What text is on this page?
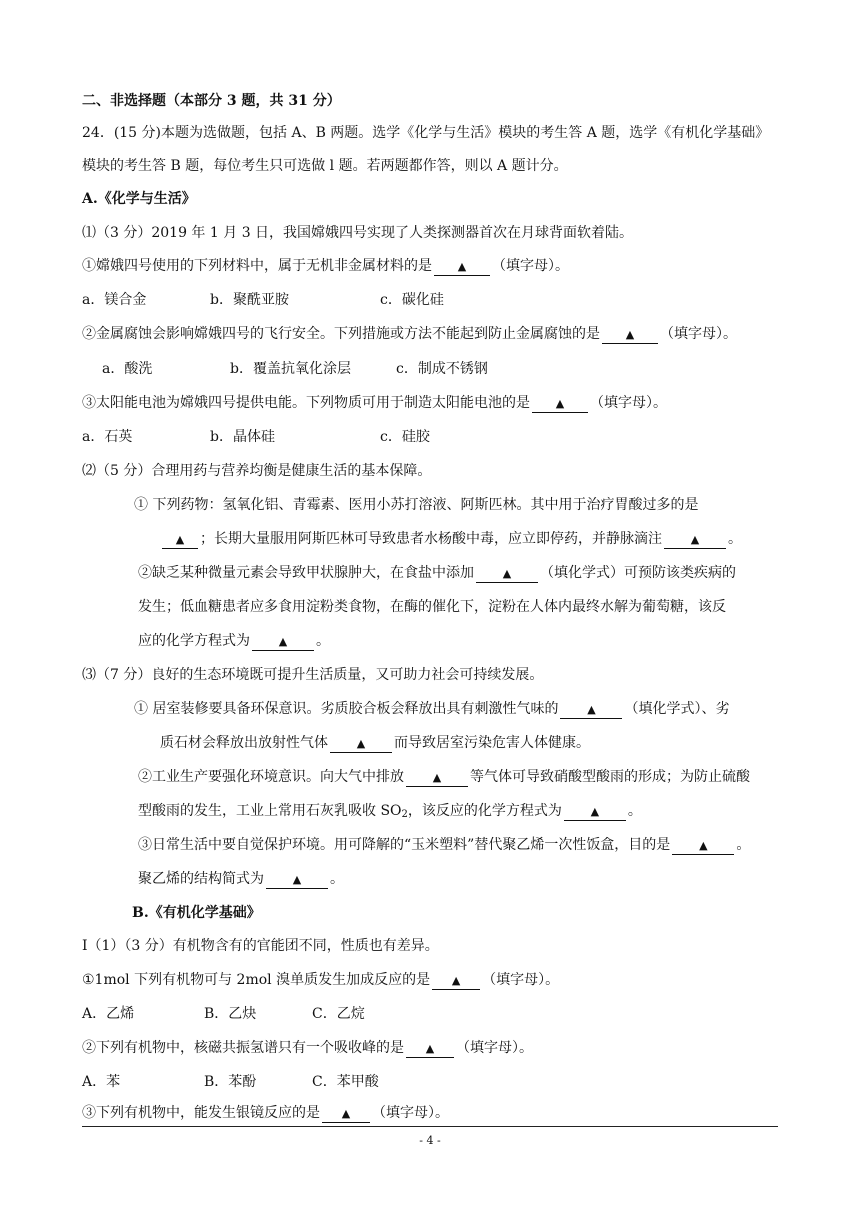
二、非选择题（本部分 3 题，共 31 分）
24．(15 分)本题为选做题，包括 A、B 两题。选学《化学与生活》模块的考生答 A 题，选学《有机化学基础》
模块的考生答 B 题，每位考生只可选做 l 题。若两题都作答，则以 A 题计分。
A.《化学与生活》
⑴（3 分）2019 年 1 月 3 日，我国嫦娥四号实现了人类探测器首次在月球背面软着陆。
①嫦娥四号使用的下列材料中，属于无机非金属材料的是 ▲ （填字母）。
a．镁合金	b．聚酰亚胺	c．碳化硅
②金属腐蚀会影响嫦娥四号的飞行安全。下列措施或方法不能起到防止金属腐蚀的是 ▲ （填字母）。
a．酸洗	b．覆盖抗氧化涂层	c．制成不锈钢
③太阳能电池为嫦娥四号提供电能。下列物质可用于制造太阳能电池的是 ▲ （填字母）。
a．石英	b．晶体硅	c．硅胶
⑵（5 分）合理用药与营养均衡是健康生活的基本保障。
① 下列药物：氢氧化铝、青霉素、医用小苏打溶液、阿斯匹林。其中用于治疗胃酸过多的是
▲ ；长期大量服用阿斯匹林可导致患者水杨酸中毒，应立即停药，并静脉滴注	▲ 。
②缺乏某种微量元素会导致甲状腺肿大，在食盐中添加	▲ （填化学式）可预防该类疾病的
发生；低血糖患者应多食用淀粉类食物，在酶的催化下，淀粉在人体内最终水解为葡萄糖，该反
应的化学方程式为	▲ 。
⑶（7 分）良好的生态环境既可提升生活质量，又可助力社会可持续发展。
① 居室装修要具备环保意识。劣质胶合板会释放出具有刺激性气味的	▲ （填化学式）、劣
质石材会释放出放射性气体	▲ 而导致居室污染危害人体健康。
②工业生产要强化环境意识。向大气中排放	▲ 等气体可导致硝酸型酸雨的形成；为防止硫酸
型酸雨的发生，工业上常用石灰乳吸收 $SO_2$，该反应的化学方程式为	▲ 。
③日常生活中要自觉保护环境。用可降解的“玉米塑料”替代聚乙烯一次性饭盒，目的是	▲ 。
聚乙烯的结构简式为	▲ 。
B.《有机化学基础》
Ⅰ（1）（3 分）有机物含有的官能团不同，性质也有差异。
①1mol 下列有机物可与 2mol 溴单质发生加成反应的是 ▲ （填字母）。
A．乙烯	B．乙炔	C．乙烷
②下列有机物中，核磁共振氢谱只有一个吸收峰的是 ▲ （填字母）。
A．苯	B．苯酚	C．苯甲酸
③下列有机物中，能发生银镜反应的是 ▲ （填字母）。
- 4 -
